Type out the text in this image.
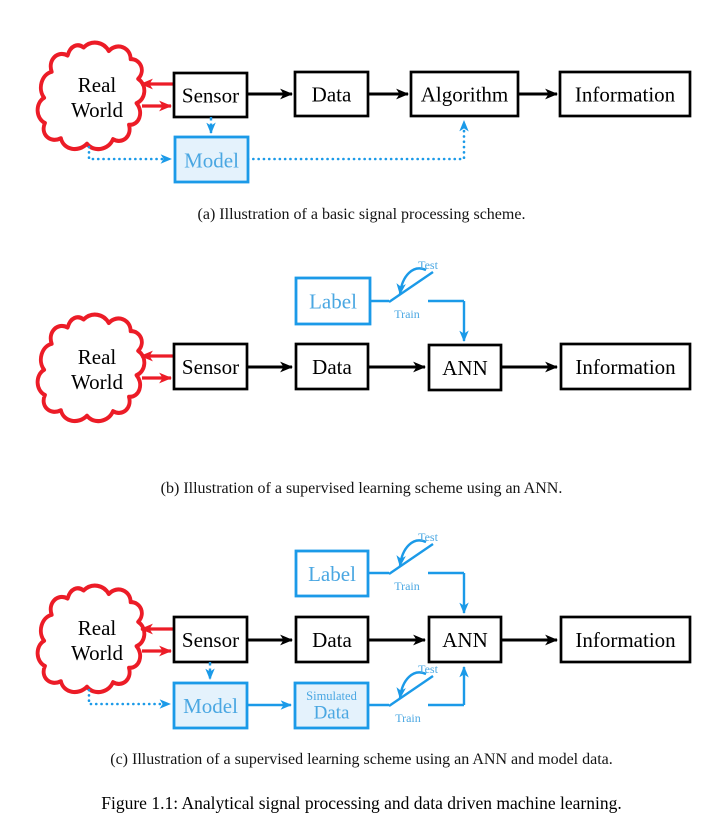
Real
World
Sensor	Data	Algorithm	Information
Model
Real
World
Label
Test
Train
Sensor	Data	ANN	Information
Real
World
Label
Test
Train
Sensor	Data	ANN	Information
Model	Simulated
Data
Test
Train
(a) Illustration of a basic signal processing scheme.
(b) Illustration of a supervised learning scheme using an ANN.
(c) Illustration of a supervised learning scheme using an ANN and model data.
Figure 1.1: Analytical signal processing and data driven machine learning.
